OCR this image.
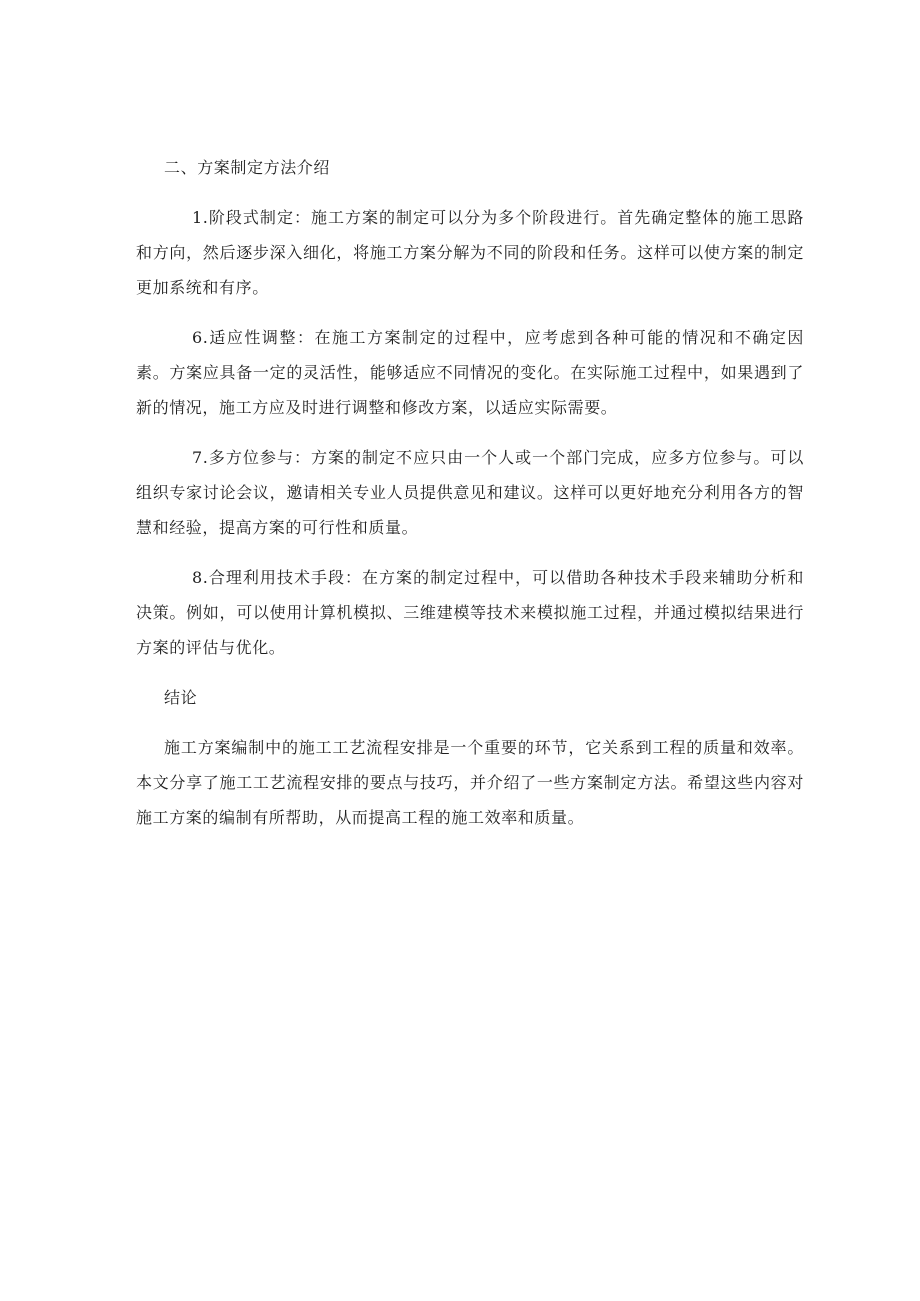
二、方案制定方法介绍

1.阶段式制定：施工方案的制定可以分为多个阶段进行。首先确定整体的施工思路和方向，然后逐步深入细化，将施工方案分解为不同的阶段和任务。这样可以使方案的制定更加系统和有序。

6.适应性调整：在施工方案制定的过程中，应考虑到各种可能的情况和不确定因素。方案应具备一定的灵活性，能够适应不同情况的变化。在实际施工过程中，如果遇到了新的情况，施工方应及时进行调整和修改方案，以适应实际需要。

7.多方位参与：方案的制定不应只由一个人或一个部门完成，应多方位参与。可以组织专家讨论会议，邀请相关专业人员提供意见和建议。这样可以更好地充分利用各方的智慧和经验，提高方案的可行性和质量。

8.合理利用技术手段：在方案的制定过程中，可以借助各种技术手段来辅助分析和决策。例如，可以使用计算机模拟、三维建模等技术来模拟施工过程，并通过模拟结果进行方案的评估与优化。

结论

施工方案编制中的施工工艺流程安排是一个重要的环节，它关系到工程的质量和效率。本文分享了施工工艺流程安排的要点与技巧，并介绍了一些方案制定方法。希望这些内容对施工方案的编制有所帮助，从而提高工程的施工效率和质量。
